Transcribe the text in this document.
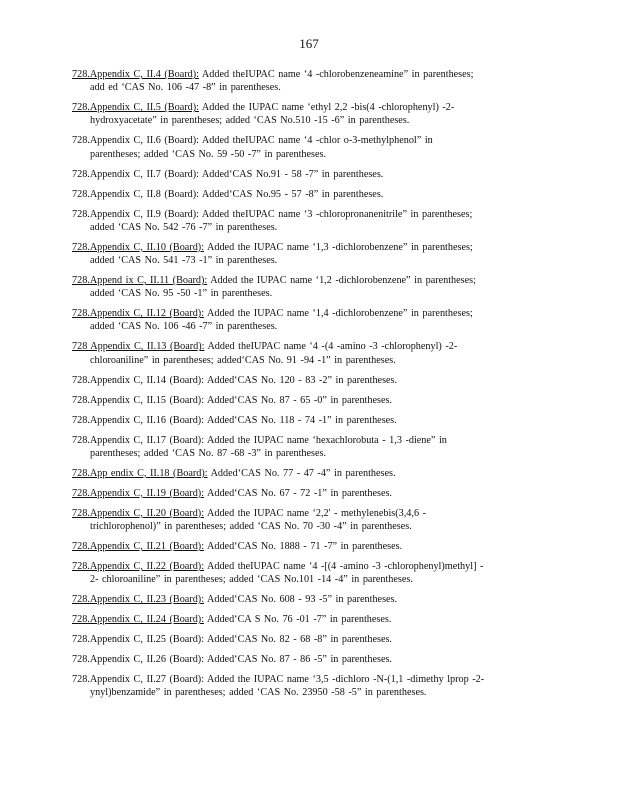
167
728.Appendix C, II.4 (Board): Added theIUPAC name ‘4 -chlorobenzeneamine” in parentheses;
add ed ‘CAS No. 106 -47 -8” in parentheses.
728.Appendix C, II.5 (Board): Added the IUPAC name ‘ethyl 2,2 -bis(4 -chlorophenyl) -2-
hydroxyacetate” in parentheses; added ‘CAS No.510 -15 -6” in parentheses.
728.Appendix C, II.6 (Board): Added theIUPAC name ‘4 -chlor o-3-methylphenol” in
parentheses; added ‘CAS No. 59 -50 -7” in parentheses.
728.Appendix C, II.7 (Board): Added‘CAS No.91 - 58 -7” in parentheses.
728.Appendix C, II.8 (Board): Added‘CAS No.95 - 57 -8” in parentheses.
728.Appendix C, II.9 (Board): Added theIUPAC name ‘3 -chloropronanenitrile” in parentheses;
added ‘CAS No. 542 -76 -7” in parentheses.
728.Appendix C, II.10 (Board): Added the IUPAC name ‘1,3 -dichlorobenzene” in parentheses;
added ‘CAS No. 541 -73 -1” in parentheses.
728.Append ix C, II.11 (Board): Added the IUPAC name ‘1,2 -dichlorobenzene” in parentheses;
added ‘CAS No. 95 -50 -1” in parentheses.
728.Appendix C, II.12 (Board): Added the IUPAC name ‘1,4 -dichlorobenzene” in parentheses;
added ‘CAS No. 106 -46 -7” in parentheses.
728 Appendix C, II.13 (Board): Added theIUPAC name ‘4 -(4 -amino -3 -chlorophenyl) -2-
chloroaniline” in parentheses; added‘CAS No. 91 -94 -1” in parentheses.
728.Appendix C, II.14 (Board): Added‘CAS No. 120 - 83 -2” in parentheses.
728.Appendix C, II.15 (Board): Added‘CAS No. 87 - 65 -0” in parentheses.
728.Appendix C, II.16 (Board): Added‘CAS No. 118 - 74 -1” in parentheses.
728.Appendix C, II.17 (Board): Added the IUPAC name ‘hexachlorobuta - 1,3 -diene” in
parentheses; added ‘CAS No. 87 -68 -3” in parentheses.
728.App endix C, II.18 (Board): Added‘CAS No. 77 - 47 -4” in parentheses.
728.Appendix C, II.19 (Board): Added‘CAS No. 67 - 72 -1” in parentheses.
728.Appendix C, II.20 (Board): Added the IUPAC name ‘2,2' - methylenebis(3,4,6 -
trichlorophenol)” in parentheses; added ‘CAS No. 70 -30 -4” in parentheses.
728.Appendix C, II.21 (Board): Added‘CAS No. 1888 - 71 -7” in parentheses.
728.Appendix C, II.22 (Board): Added theIUPAC name ‘4 -[(4 -amino -3 -chlorophenyl)methyl] -
2- chloroaniline” in parentheses; added ‘CAS No.101 -14 -4” in parentheses.
728.Appendix C, II.23 (Board): Added‘CAS No. 608 - 93 -5” in parentheses.
728.Appendix C, II.24 (Board): Added‘CA S No. 76 -01 -7” in parentheses.
728.Appendix C, II.25 (Board): Added‘CAS No. 82 - 68 -8” in parentheses.
728.Appendix C, II.26 (Board): Added‘CAS No. 87 - 86 -5” in parentheses.
728.Appendix C, II.27 (Board): Added the IUPAC name ‘3,5 -dichloro -N-(1,1 -dimethy lprop -2-
ynyl)benzamide” in parentheses; added ‘CAS No. 23950 -58 -5” in parentheses.
